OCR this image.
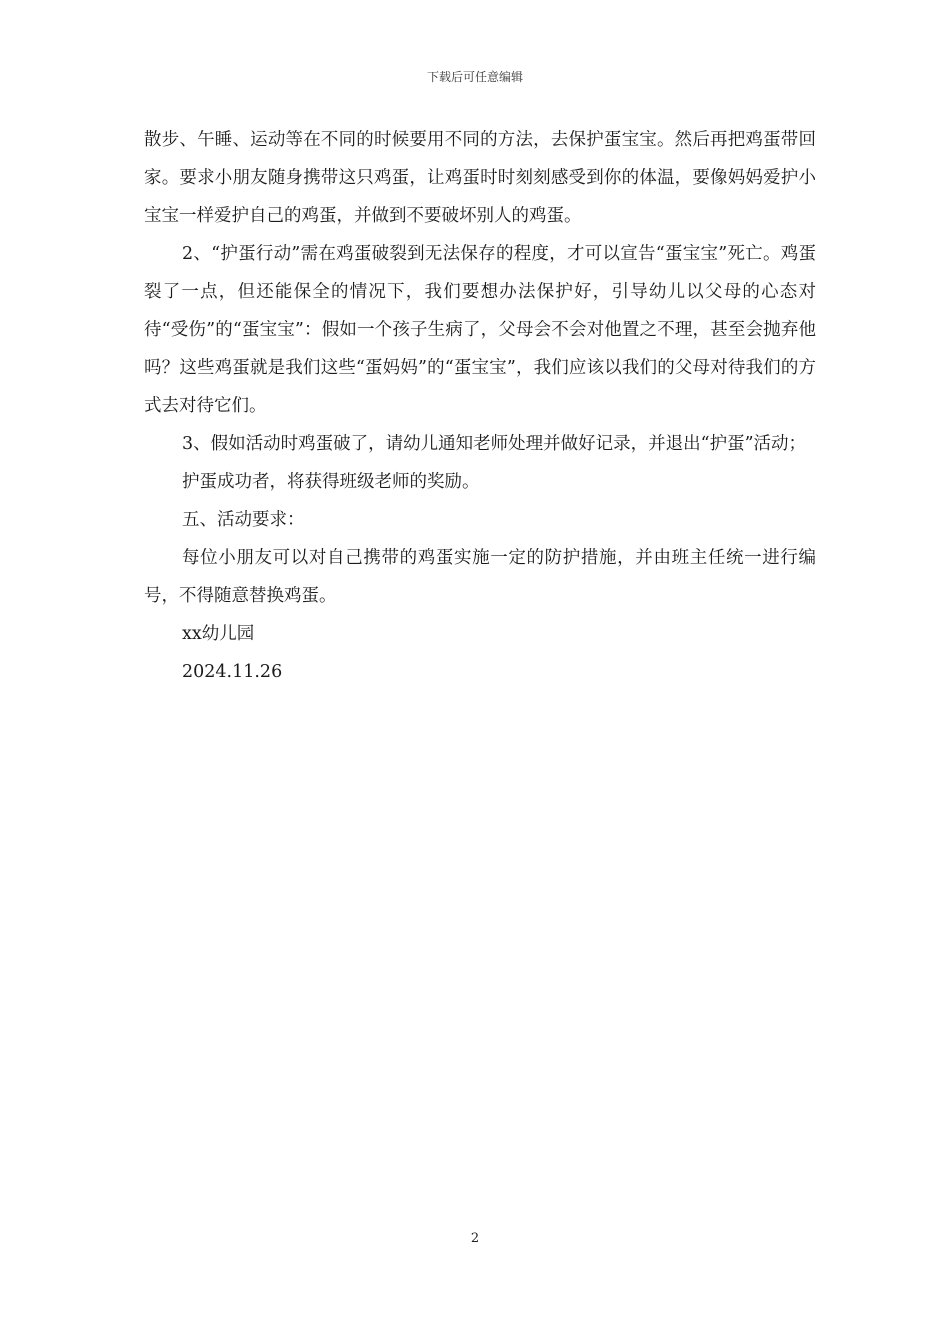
下载后可任意编辑

散步、午睡、运动等在不同的时候要用不同的方法，去保护蛋宝宝。然后再把鸡蛋带回家。要求小朋友随身携带这只鸡蛋，让鸡蛋时时刻刻感受到你的体温，要像妈妈爱护小宝宝一样爱护自己的鸡蛋，并做到不要破坏别人的鸡蛋。

2、“护蛋行动”需在鸡蛋破裂到无法保存的程度，才可以宣告“蛋宝宝”死亡。鸡蛋裂了一点，但还能保全的情况下，我们要想办法保护好，引导幼儿以父母的心态对待“受伤”的“蛋宝宝”：假如一个孩子生病了，父母会不会对他置之不理，甚至会抛弃他吗？这些鸡蛋就是我们这些“蛋妈妈”的“蛋宝宝”，我们应该以我们的父母对待我们的方式去对待它们。

3、假如活动时鸡蛋破了，请幼儿通知老师处理并做好记录，并退出“护蛋”活动；

护蛋成功者，将获得班级老师的奖励。

五、活动要求：

每位小朋友可以对自己携带的鸡蛋实施一定的防护措施，并由班主任统一进行编号，不得随意替换鸡蛋。

xx幼儿园

2024.11.26

2
